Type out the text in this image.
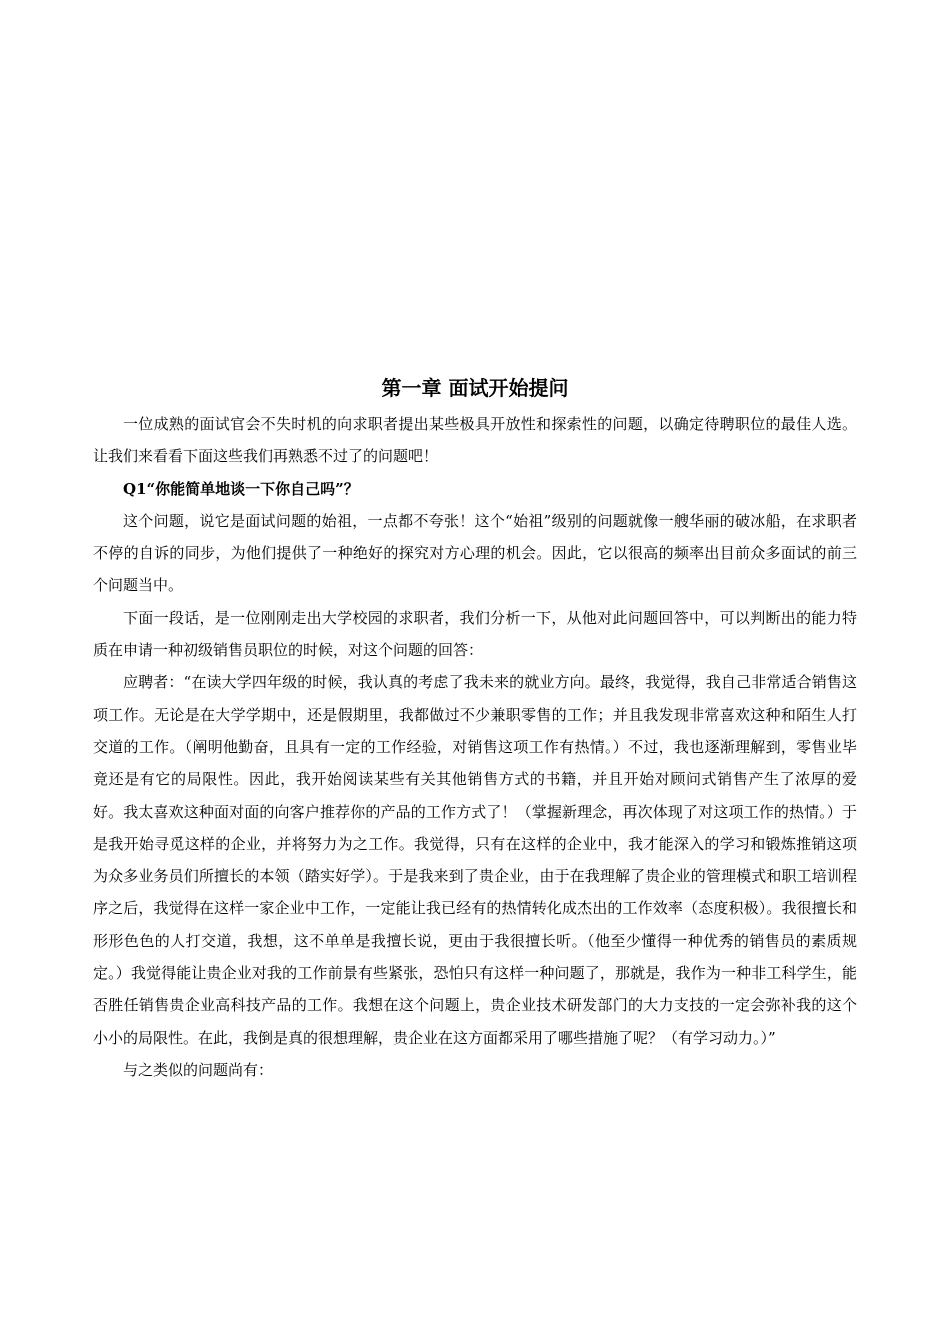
第一章 面试开始提问

一位成熟的面试官会不失时机的向求职者提出某些极具开放性和探索性的问题，以确定待聘职位的最佳人选。让我们来看看下面这些我们再熟悉不过了的问题吧！

Q1“你能简单地谈一下你自己吗”？

这个问题，说它是面试问题的始祖，一点都不夸张！这个“始祖”级别的问题就像一艘华丽的破冰船，在求职者不停的自诉的同步，为他们提供了一种绝好的探究对方心理的机会。因此，它以很高的频率出目前众多面试的前三个问题当中。

下面一段话，是一位刚刚走出大学校园的求职者，我们分析一下，从他对此问题回答中，可以判断出的能力特质在申请一种初级销售员职位的时候，对这个问题的回答：

应聘者：“在读大学四年级的时候，我认真的考虑了我未来的就业方向。最终，我觉得，我自己非常适合销售这项工作。无论是在大学学期中，还是假期里，我都做过不少兼职零售的工作；并且我发现非常喜欢这种和陌生人打交道的工作。（阐明他勤奋，且具有一定的工作经验，对销售这项工作有热情。）不过，我也逐渐理解到，零售业毕竟还是有它的局限性。因此，我开始阅读某些有关其他销售方式的书籍，并且开始对顾问式销售产生了浓厚的爱好。我太喜欢这种面对面的向客户推荐你的产品的工作方式了！（掌握新理念，再次体现了对这项工作的热情。）于是我开始寻觅这样的企业，并将努力为之工作。我觉得，只有在这样的企业中，我才能深入的学习和锻炼推销这项为众多业务员们所擅长的本领（踏实好学）。于是我来到了贵企业，由于在我理解了贵企业的管理模式和职工培训程序之后，我觉得在这样一家企业中工作，一定能让我已经有的热情转化成杰出的工作效率（态度积极）。我很擅长和形形色色的人打交道，我想，这不单单是我擅长说，更由于我很擅长听。（他至少懂得一种优秀的销售员的素质规定。）我觉得能让贵企业对我的工作前景有些紧张，恐怕只有这样一种问题了，那就是，我作为一种非工科学生，能否胜任销售贵企业高科技产品的工作。我想在这个问题上，贵企业技术研发部门的大力支技的一定会弥补我的这个小小的局限性。在此，我倒是真的很想理解，贵企业在这方面都采用了哪些措施了呢？（有学习动力。）”

与之类似的问题尚有：
